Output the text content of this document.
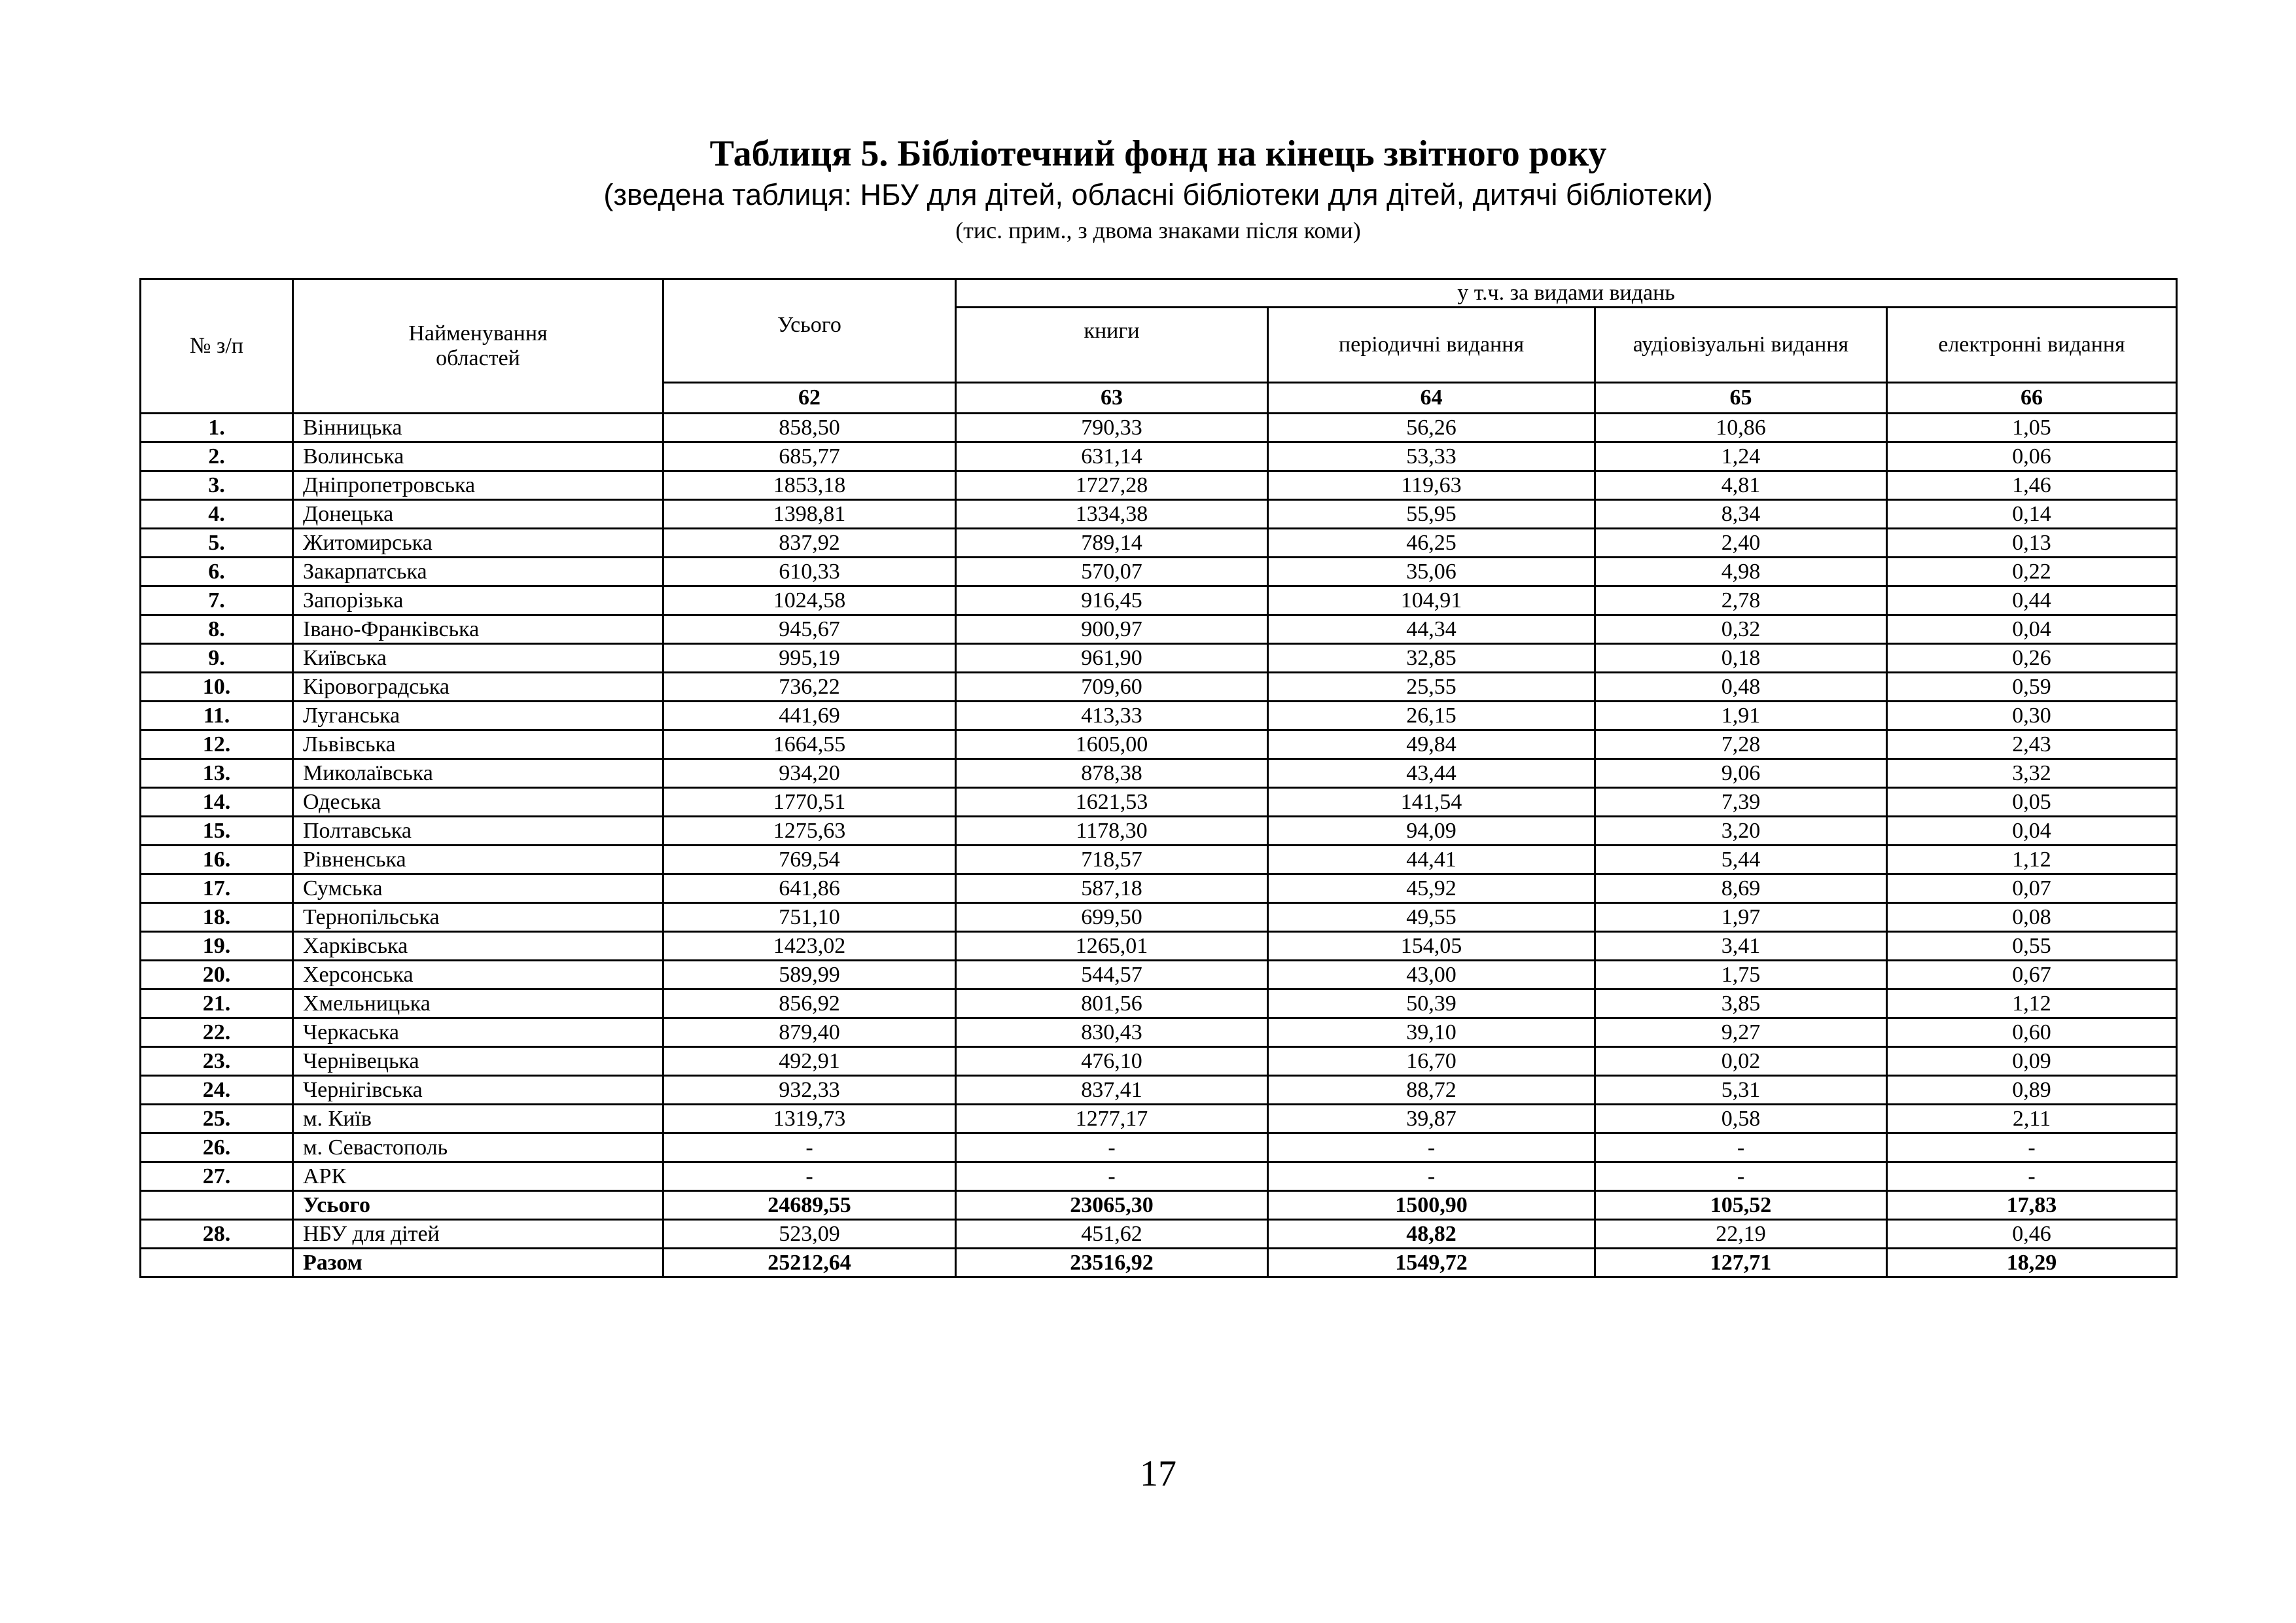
Таблиця 5. Бібліотечний фонд на кінець звітного року
(зведена таблиця: НБУ для дітей, обласні бібліотеки для дітей, дитячі бібліотеки)
(тис. прим., з двома знаками після коми)
№ з/п	Найменування областей	Усього	у т.ч. за видами видань			
			книги	періодичні видання	аудіовізуальні видання	електронні видання
		62	63	64	65	66
1.	Вінницька	858,50	790,33	56,26	10,86	1,05
2.	Волинська	685,77	631,14	53,33	1,24	0,06
3.	Дніпропетровська	1853,18	1727,28	119,63	4,81	1,46
4.	Донецька	1398,81	1334,38	55,95	8,34	0,14
5.	Житомирська	837,92	789,14	46,25	2,40	0,13
6.	Закарпатська	610,33	570,07	35,06	4,98	0,22
7.	Запорізька	1024,58	916,45	104,91	2,78	0,44
8.	Івано-Франківська	945,67	900,97	44,34	0,32	0,04
9.	Київська	995,19	961,90	32,85	0,18	0,26
10.	Кіровоградська	736,22	709,60	25,55	0,48	0,59
11.	Луганська	441,69	413,33	26,15	1,91	0,30
12.	Львівська	1664,55	1605,00	49,84	7,28	2,43
13.	Миколаївська	934,20	878,38	43,44	9,06	3,32
14.	Одеська	1770,51	1621,53	141,54	7,39	0,05
15.	Полтавська	1275,63	1178,30	94,09	3,20	0,04
16.	Рівненська	769,54	718,57	44,41	5,44	1,12
17.	Сумська	641,86	587,18	45,92	8,69	0,07
18.	Тернопільська	751,10	699,50	49,55	1,97	0,08
19.	Харківська	1423,02	1265,01	154,05	3,41	0,55
20.	Херсонська	589,99	544,57	43,00	1,75	0,67
21.	Хмельницька	856,92	801,56	50,39	3,85	1,12
22.	Черкаська	879,40	830,43	39,10	9,27	0,60
23.	Чернівецька	492,91	476,10	16,70	0,02	0,09
24.	Чернігівська	932,33	837,41	88,72	5,31	0,89
25.	м. Київ	1319,73	1277,17	39,87	0,58	2,11
26.	м. Севастополь	-	-	-	-	-
27.	АРК	-	-	-	-	-
	Усього	24689,55	23065,30	1500,90	105,52	17,83
28.	НБУ для дітей	523,09	451,62	48,82	22,19	0,46
	Разом	25212,64	23516,92	1549,72	127,71	18,29
17
